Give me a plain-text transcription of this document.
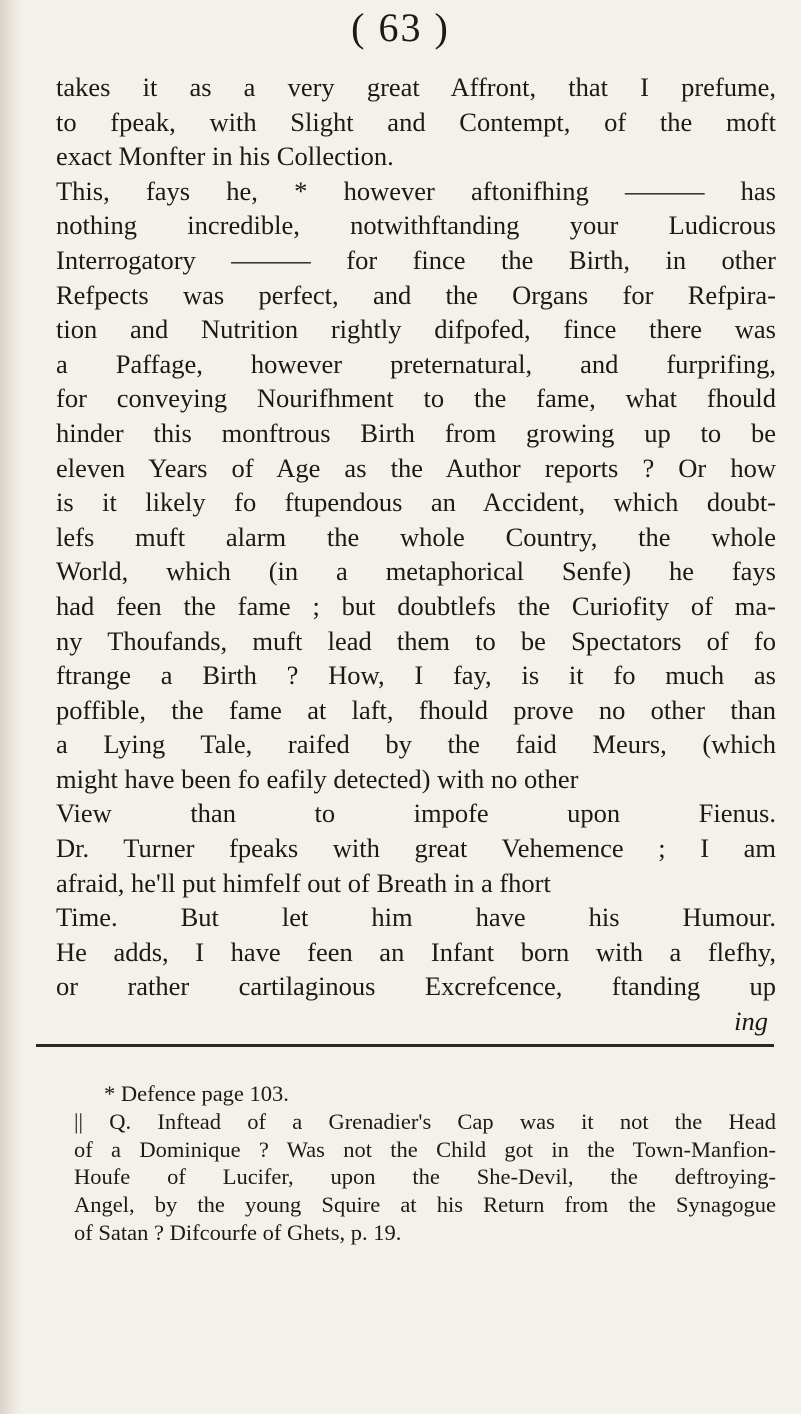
( 63 )
takes it as a very great Affront, that I prefume,
to fpeak, with Slight and Contempt, of the moft
exact Monfter in his Collection.
This, fays he, * however aftonifhing ——— has
nothing incredible, notwithftanding your Ludicrous
Interrogatory ——— for fince the Birth, in other
Refpects was perfect, and the Organs for Refpira-
tion and Nutrition rightly difpofed, fince there was
a Paffage, however preternatural, and furprifing,
for conveying Nourifhment to the fame, what fhould
hinder this monftrous Birth from growing up to be
eleven Years of Age as the Author reports ? Or how
is it likely fo ftupendous an Accident, which doubt-
lefs muft alarm the whole Country, the whole
World, which (in a metaphorical Senfe) he fays
had feen the fame ; but doubtlefs the Curiofity of ma-
ny Thoufands, muft lead them to be Spectators of fo
ftrange a Birth ? How, I fay, is it fo much as
poffible, the fame at laft, fhould prove no other than
a Lying Tale, raifed by the faid Meurs, (which
might have been fo eafily detected) with no other
View than to impofe upon Fienus.
Dr. Turner fpeaks with great Vehemence ; I am
afraid, he'll put himfelf out of Breath in a fhort
Time. But let him have his Humour.
He adds, I have feen an Infant born with a flefhy,
or rather cartilaginous Excrefcence, ftanding up
ing
* Defence page 103.
|| Q. Inftead of a Grenadier's Cap was it not the Head
of a Dominique ? Was not the Child got in the Town-Manfion-
Houfe of Lucifer, upon the She-Devil, the deftroying-
Angel, by the young Squire at his Return from the Synagogue
of Satan ? Difcourfe of Ghets, p. 19.
